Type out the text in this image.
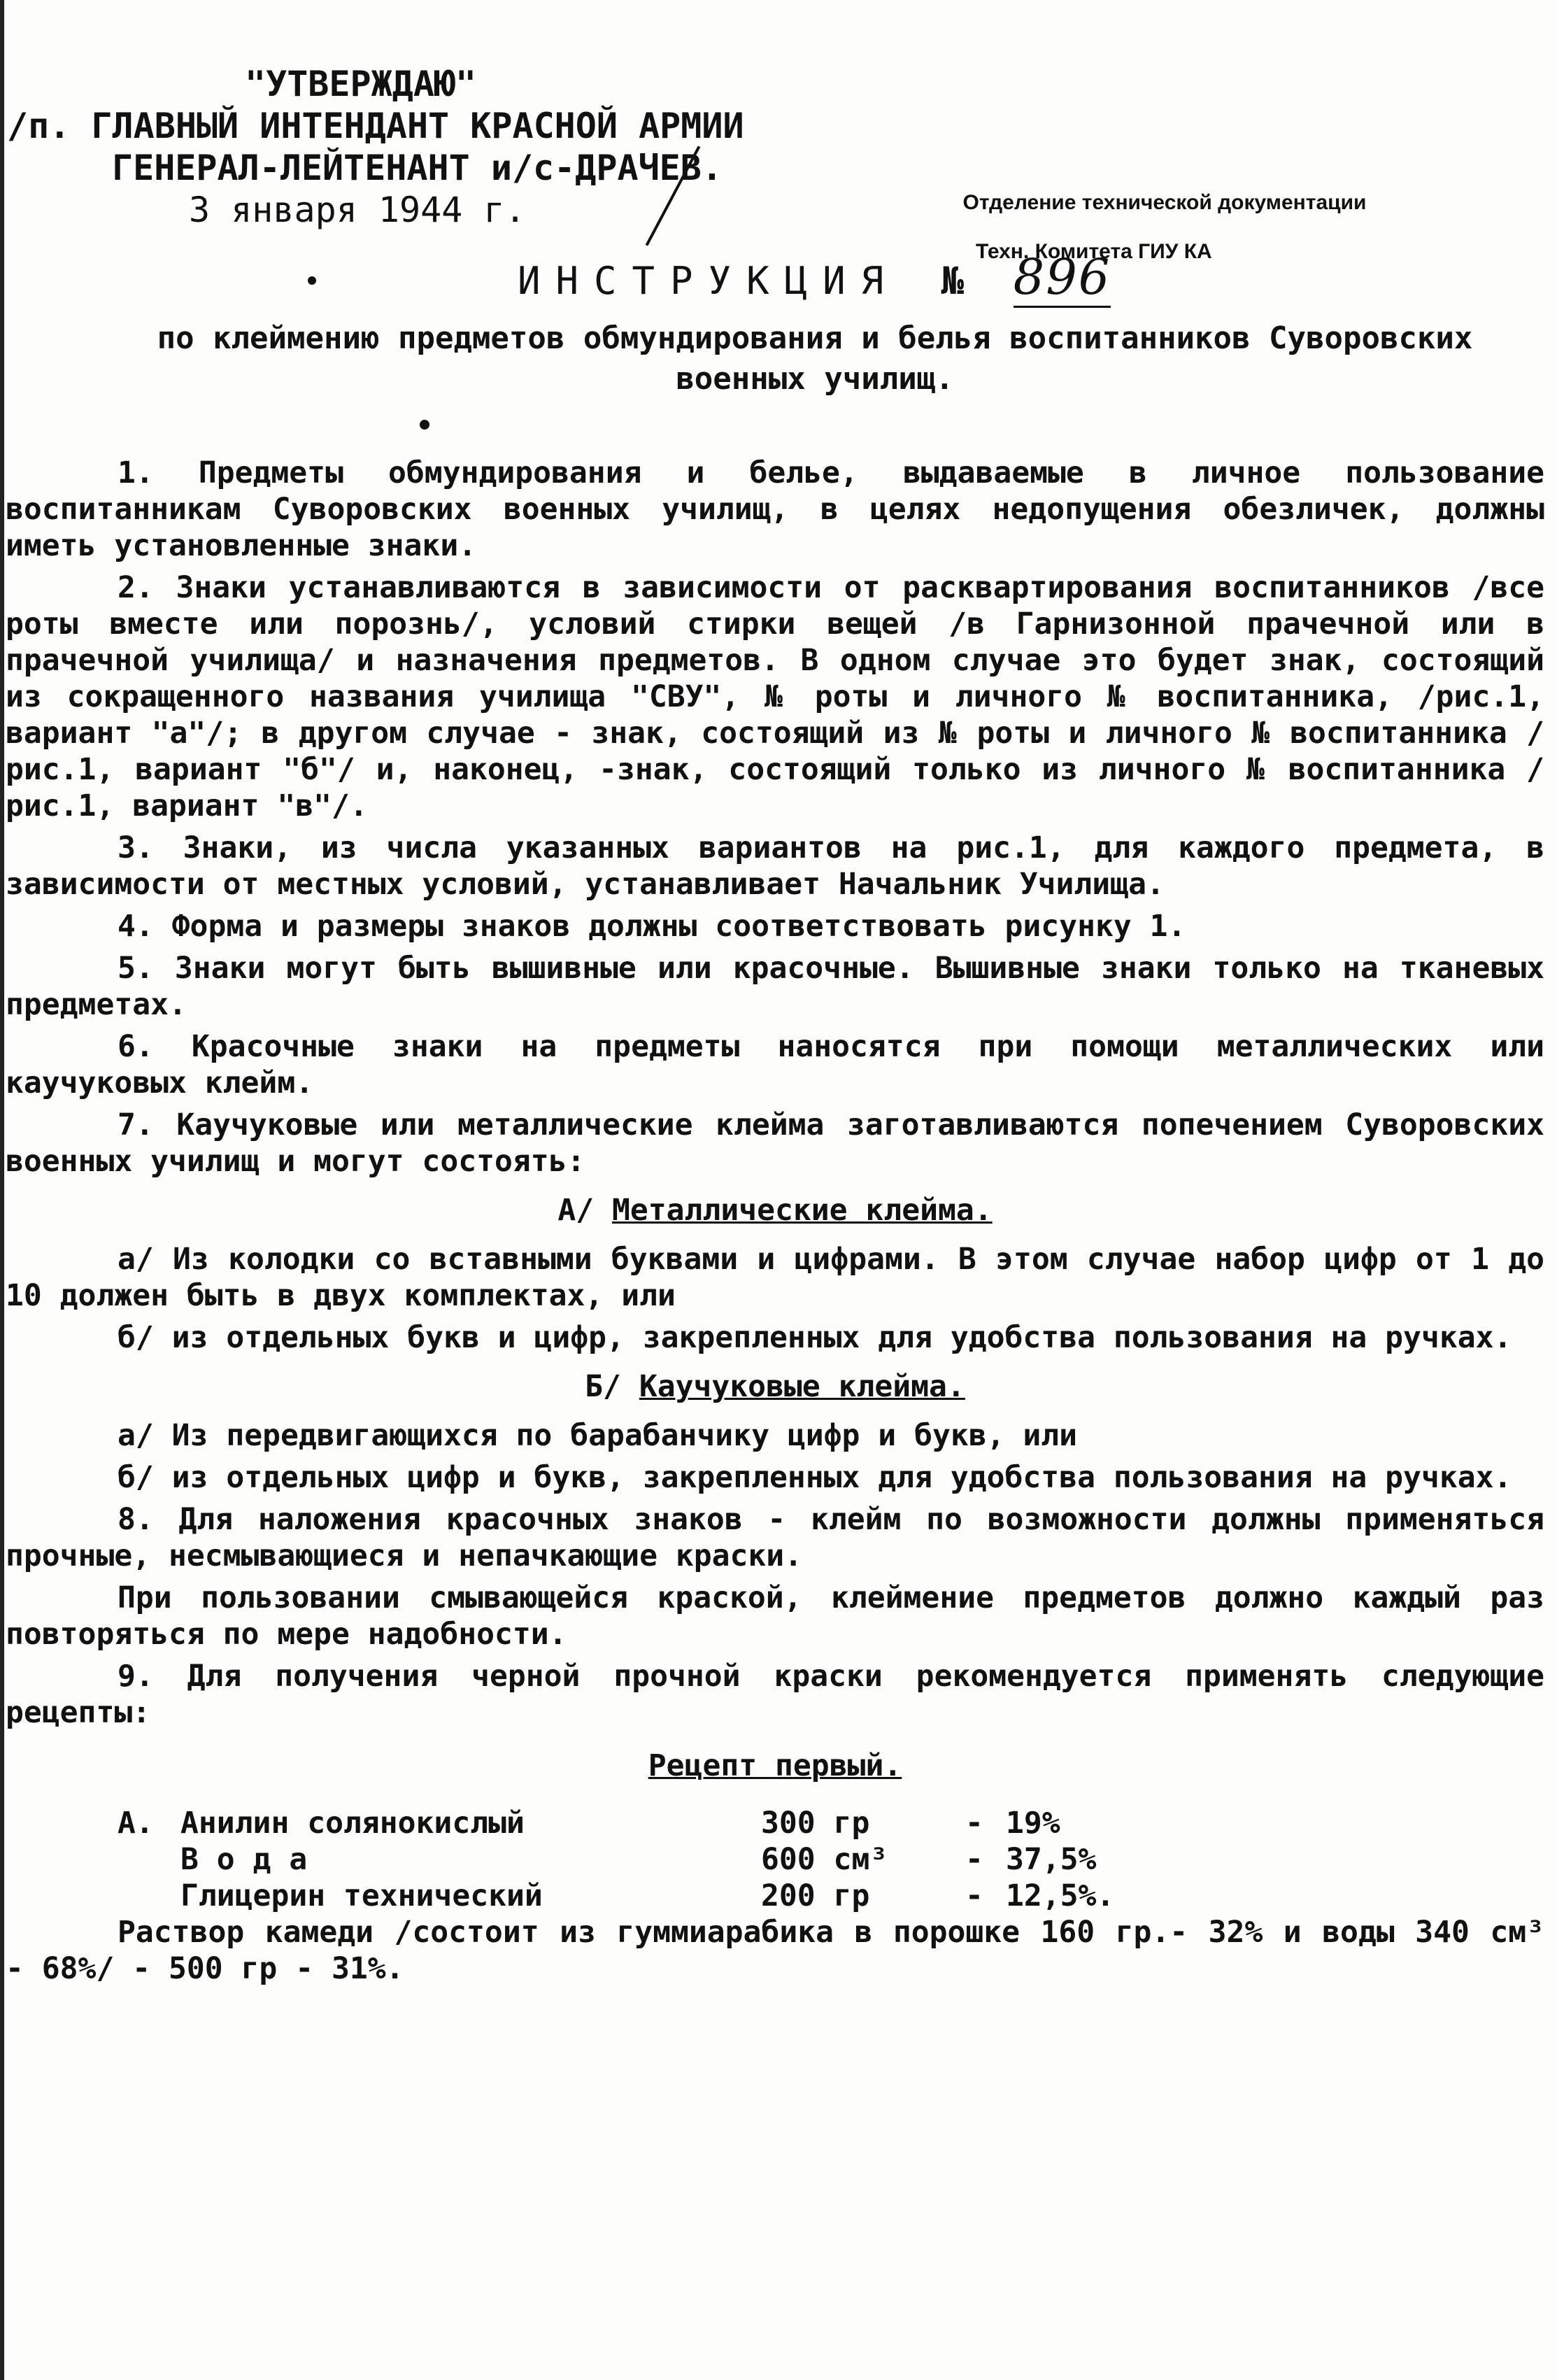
"УТВЕРЖДАЮ"
/п. ГЛАВНЫЙ ИНТЕНДАНТ КРАСНОЙ АРМИИ
ГЕНЕРАЛ-ЛЕЙТЕНАНТ и/с-ДРАЧЕВ.
3 января 1944 г.	Отделение технической документации
Техн. Комитета ГИУ КА
ИНСТРУКЦИЯ № 896
по клеймению предметов обмундирования и белья воспитанников Суворовских военных училищ.

1. Предметы обмундирования и белье, выдаваемые в личное пользование воспитанникам Суворовских военных училищ, в целях недопущения обезличек, должны иметь установленные знаки.

2. Знаки устанавливаются в зависимости от расквартирования воспитанников /все роты вместе или порознь/, условий стирки вещей /в Гарнизонной прачечной или в прачечной училища/ и назначения предметов. В одном случае это будет знак, состоящий из сокращенного названия училища "СВУ", № роты и личного № воспитанника, /рис.1, вариант "а"/; в другом случае - знак, состоящий из № роты и личного № воспитанника /рис.1, вариант "б"/ и, наконец, -знак, состоящий только из личного № воспитанника /рис.1, вариант "в"/.

3. Знаки, из числа указанных вариантов на рис.1, для каждого предмета, в зависимости от местных условий, устанавливает Начальник Училища.

4. Форма и размеры знаков должны соответствовать рисунку 1.

5. Знаки могут быть вышивные или красочные. Вышивные знаки только на тканевых предметах.

6. Красочные знаки на предметы наносятся при помощи металлических или каучуковых клейм.

7. Каучуковые или металлические клейма заготавливаются попечением Суворовских военных училищ и могут состоять:

А/ Металлические клейма.

а/ Из колодки со вставными буквами и цифрами. В этом случае набор цифр от 1 до 10 должен быть в двух комплектах, или

б/ из отдельных букв и цифр, закрепленных для удобства пользования на ручках.

Б/ Каучуковые клейма.

а/ Из передвигающихся по барабанчику цифр и букв, или

б/ из отдельных цифр и букв, закрепленных для удобства пользования на ручках.

8. Для наложения красочных знаков - клейм по возможности должны применяться прочные, несмывающиеся и непачкающие краски.

При пользовании смывающейся краской, клеймение предметов должно каждый раз повторяться по мере надобности.

9. Для получения черной прочной краски рекомендуется применять следующие рецепты:

Рецепт первый.
А.	Анилин солянокислый	300 гр	-	19%
	В о д а	600 см³	-	37,5%
	Глицерин технический	200 гр	-	12,5%.

Раствор камеди /состоит из гуммиарабика в порошке 160 гр.- 32% и воды 340 см³ - 68%/ - 500 гр - 31%.
